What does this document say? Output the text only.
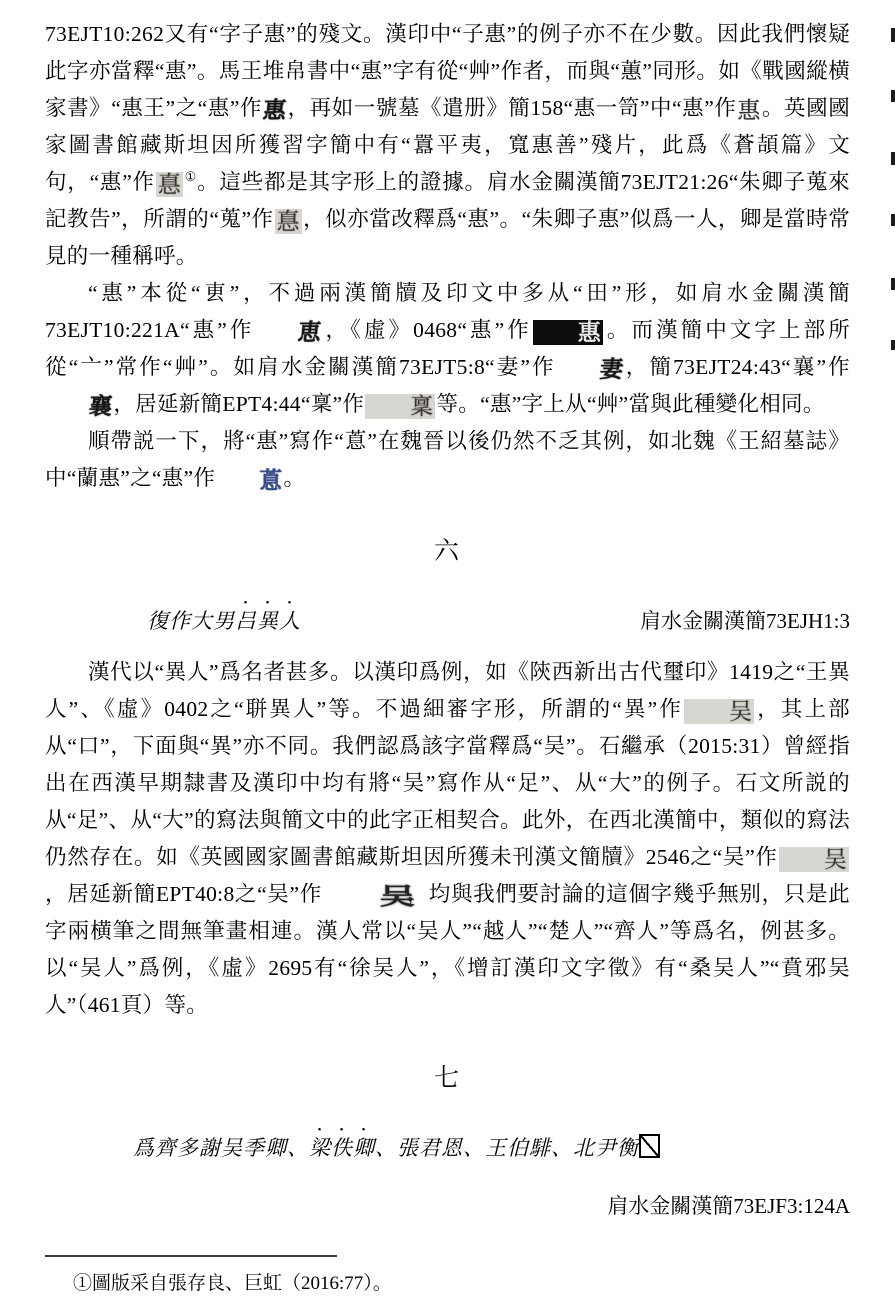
73EJT10:262又有“字子惠”的殘文。漢印中“子惠”的例子亦不在少數。因此我們懷疑此字亦當釋“惠”。馬王堆帛書中“惠”字有從“艸”作者，而與“蕙”同形。如《戰國縱横家書》“惠王”之“惠”作惠，再如一號墓《遣册》簡158“惠一笥”中“惠”作惠。英國國家圖書館藏斯坦因所獲習字簡中有“囂平夷，寬惠善”殘片，此爲《蒼頡篇》文句，“惠”作 惪 ①。這些都是其字形上的證據。肩水金關漢簡73EJT21:26“朱卿子蒐來記教告”，所謂的“蒐”作 惪 ，似亦當改釋爲“惠”。“朱卿子惠”似爲一人，卿是當時常見的一種稱呼。

“惠”本從“叀”，不過兩漢簡牘及印文中多从“田”形，如肩水金關漢簡73EJT10:221A“惠”作 恵，《虛》0468“惠”作 惠 。而漢簡中文字上部所從“亠”常作“艸”。如肩水金關漢簡73EJT5:8“妻”作 妻，簡73EJT24:43“襄”作襄，居延新簡EPT4:44“稟”作 稟 等。“惠”字上从“艸”當與此種變化相同。

順帶説一下，將“惠”寫作“蒠”在魏晉以後仍然不乏其例，如北魏《王紹墓誌》中“蘭惠”之“惠”作 蒠。

六
復作大男吕異人	肩水金關漢簡73EJH1:3

漢代以“異人”爲名者甚多。以漢印爲例，如《陝西新出古代璽印》1419之“王異人”、《虛》0402之“聠異人”等。不過細審字形，所謂的“異”作 吴 ，其上部从“口”，下面與“異”亦不同。我們認爲該字當釋爲“吴”。石繼承（2015:31）曾經指出在西漢早期隸書及漢印中均有將“吴”寫作从“足”、从“大”的例子。石文所説的从“足”、从“大”的寫法與簡文中的此字正相契合。此外，在西北漢簡中，類似的寫法仍然存在。如《英國國家圖書館藏斯坦因所獲未刊漢文簡牘》2546之“吴”作 吴，居延新簡EPT40:8之“吴”作 吴，均與我們要討論的這個字幾乎無别，只是此字兩横筆之間無筆畫相連。漢人常以“吴人”“越人”“楚人”“齊人”等爲名，例甚多。以“吴人”爲例，《虛》2695有“徐吴人”，《增訂漢印文字徵》有“桑吴人”“賁邪吴人”（461頁）等。

七

爲齊多謝吴季卿、梁佚卿、張君恩、王伯騑、北尹衡

肩水金關漢簡73EJF3:124A

①圖版采自張存良、巨虹（2016:77）。
